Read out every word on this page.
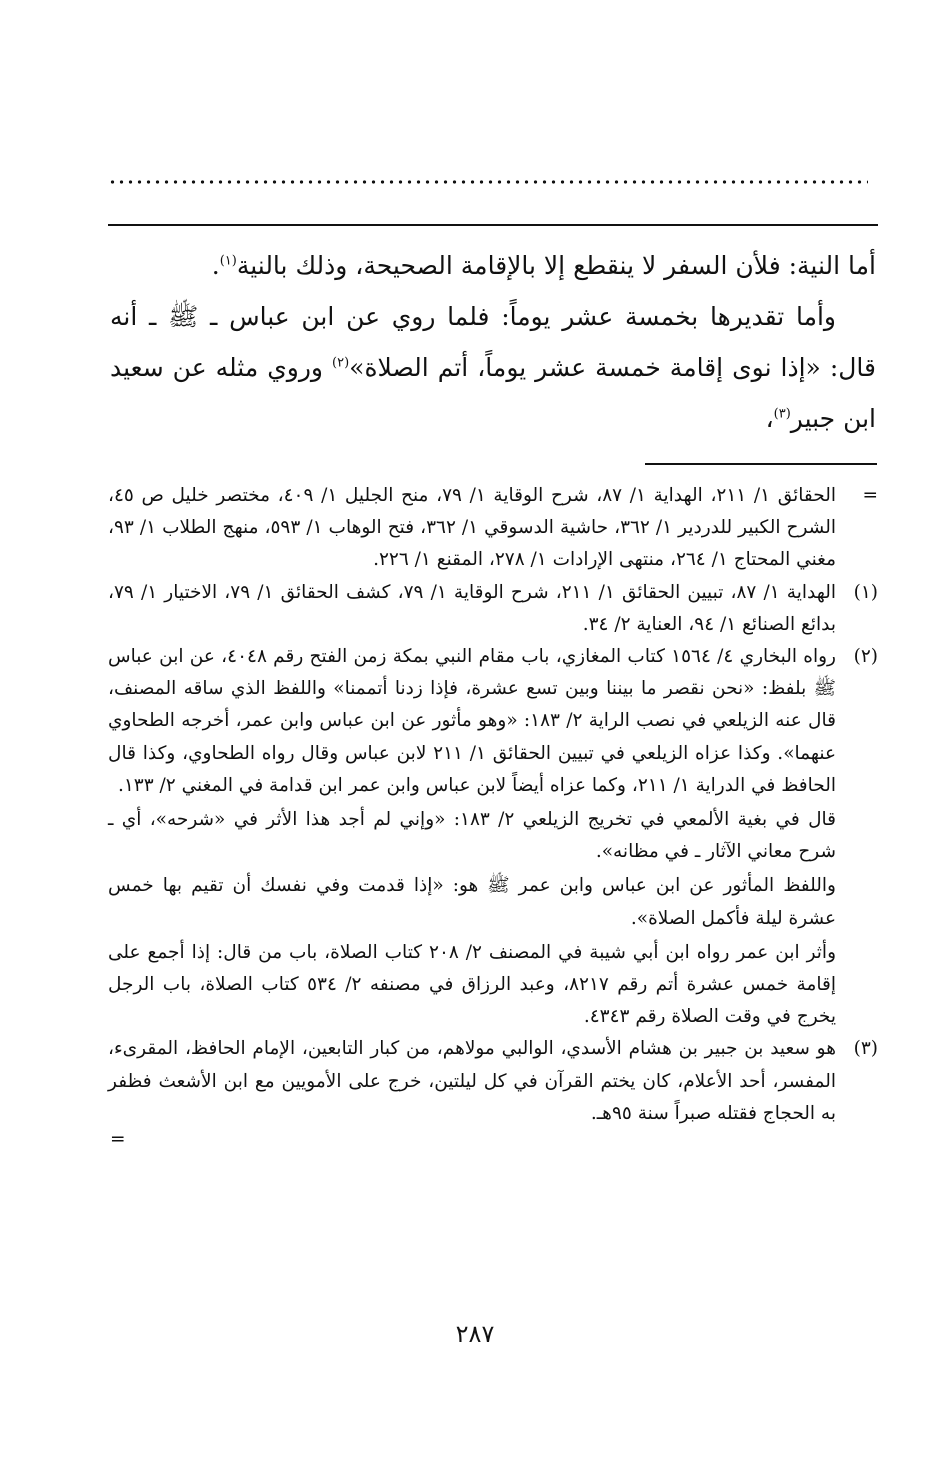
أما النية: فلأن السفر لا ينقطع إلا بالإقامة الصحيحة، وذلك بالنية$^{(١)}$.

وأما تقديرها بخمسة عشر يوماً: فلما روي عن ابن عباس ـ ﷺ ـ أنه قال: «إذا نوى إقامة خمسة عشر يوماً، أتم الصلاة»$^{(٢)}$ وروي مثله عن سعيد ابن جبير$^{(٣)}$،

=

الحقائق ١/ ٢١١، الهداية ١/ ٨٧، شرح الوقاية ١/ ٧٩، منح الجليل ١/ ٤٠٩، مختصر خليل ص ٤٥، الشرح الكبير للدردير ١/ ٣٦٢، حاشية الدسوقي ١/ ٣٦٢، فتح الوهاب ١/ ٥٩٣، منهج الطلاب ١/ ٩٣، مغني المحتاج ١/ ٢٦٤، منتهى الإرادات ١/ ٢٧٨، المقنع ١/ ٢٢٦.

(١)

الهداية ١/ ٨٧، تبيين الحقائق ١/ ٢١١، شرح الوقاية ١/ ٧٩، كشف الحقائق ١/ ٧٩، الاختيار ١/ ٧٩، بدائع الصنائع ١/ ٩٤، العناية ٢/ ٣٤.

(٢)

رواه البخاري ٤/ ١٥٦٤ كتاب المغازي، باب مقام النبي بمكة زمن الفتح رقم ٤٠٤٨، عن ابن عباس ﷺ بلفظ: «نحن نقصر ما بيننا وبين تسع عشرة، فإذا زدنا أتممنا» واللفظ الذي ساقه المصنف، قال عنه الزيلعي في نصب الراية ٢/ ١٨٣: «وهو مأثور عن ابن عباس وابن عمر، أخرجه الطحاوي عنهما». وكذا عزاه الزيلعي في تبيين الحقائق ١/ ٢١١ لابن عباس وقال رواه الطحاوي، وكذا قال الحافظ في الدراية ١/ ٢١١، وكما عزاه أيضاً لابن عباس وابن عمر ابن قدامة في المغني ٢/ ١٣٣.

قال في بغية الألمعي في تخريج الزيلعي ٢/ ١٨٣: «وإني لم أجد هذا الأثر في «شرحه»، أي ـ شرح معاني الآثار ـ في مظانه».

واللفظ المأثور عن ابن عباس وابن عمر ﷺ هو: «إذا قدمت وفي نفسك أن تقيم بها خمس عشرة ليلة فأكمل الصلاة».

وأثر ابن عمر رواه ابن أبي شيبة في المصنف ٢/ ٢٠٨ كتاب الصلاة، باب من قال: إذا أجمع على إقامة خمس عشرة أتم رقم ٨٢١٧، وعبد الرزاق في مصنفه ٢/ ٥٣٤ كتاب الصلاة، باب الرجل يخرج في وقت الصلاة رقم ٤٣٤٣.

(٣)

هو سعيد بن جبير بن هشام الأسدي، الوالبي مولاهم، من كبار التابعين، الإمام الحافظ، المقرىء، المفسر، أحد الأعلام، كان يختم القرآن في كل ليلتين، خرج على الأمويين مع ابن الأشعث فظفر به الحجاج فقتله صبراً سنة ٩٥هـ.

=
٢٨٧
